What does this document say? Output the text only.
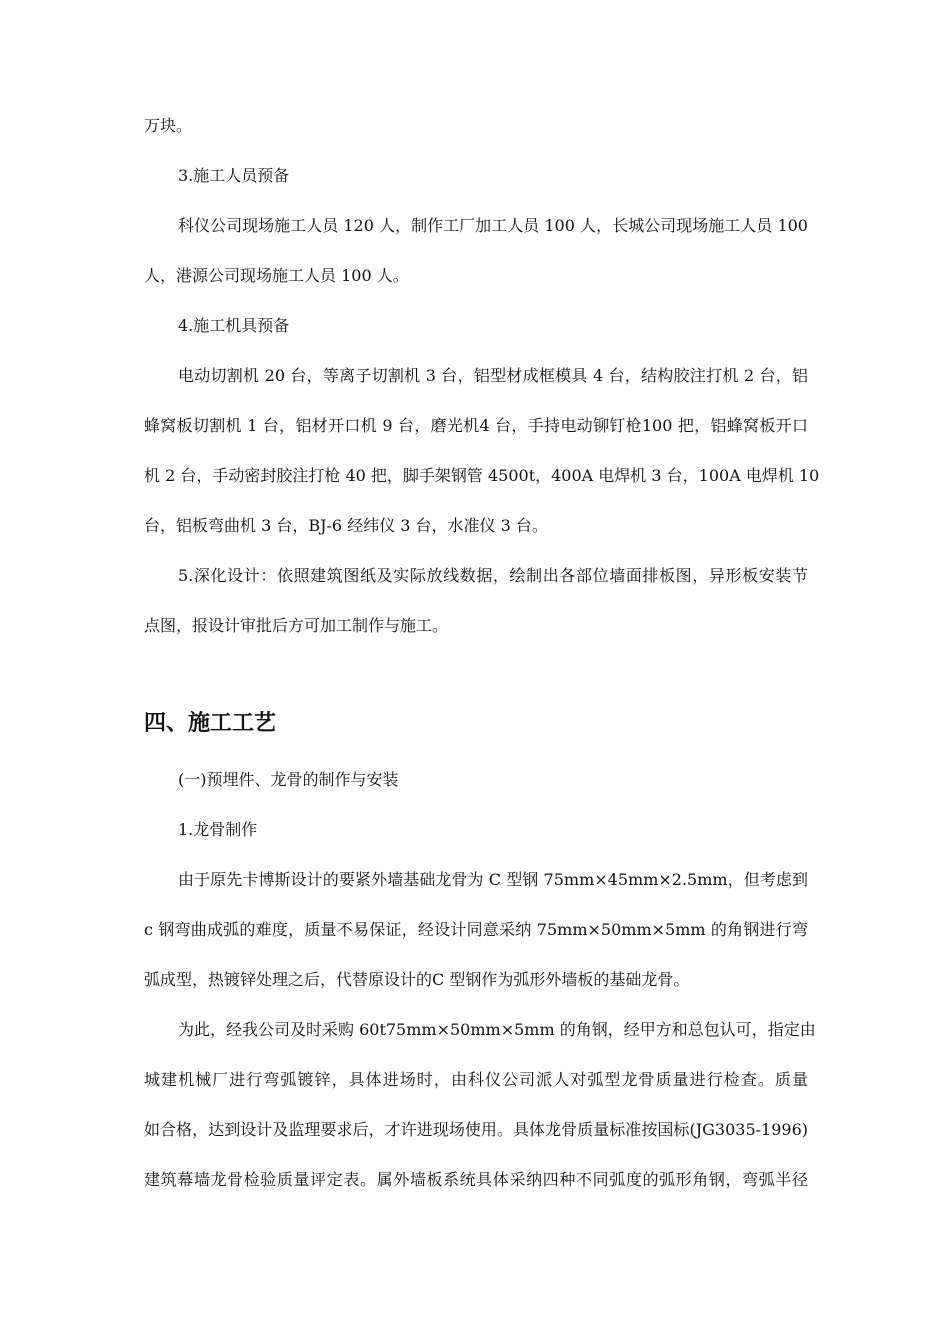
万块。
3.施工人员预备
科仪公司现场施工人员 120 人，制作工厂加工人员 100 人，长城公司现场施工人员 100
人，港源公司现场施工人员 100 人。
4.施工机具预备
电动切割机 20 台，等离子切割机 3 台，铝型材成框模具 4 台，结构胶注打机 2 台，铝
蜂窝板切割机 1 台，铝材开口机 9 台，磨光机4 台，手持电动铆钉枪100 把，铝蜂窝板开口
机 2 台，手动密封胶注打枪 40 把，脚手架钢管 4500t，400A 电焊机 3 台，100A 电焊机 10
台，铝板弯曲机 3 台，BJ-6 经纬仪 3 台，水准仪 3 台。
5.深化设计：依照建筑图纸及实际放线数据，绘制出各部位墙面排板图，异形板安装节
点图，报设计审批后方可加工制作与施工。
四、施工工艺
(一)预埋件、龙骨的制作与安装
1.龙骨制作
由于原先卡博斯设计的要紧外墙基础龙骨为 C 型钢 75mm×45mm×2.5mm，但考虑到
c 钢弯曲成弧的难度，质量不易保证，经设计同意采纳 75mm×50mm×5mm 的角钢进行弯
弧成型，热镀锌处理之后，代替原设计的C 型钢作为弧形外墙板的基础龙骨。
为此，经我公司及时采购 60t75mm×50mm×5mm 的角钢，经甲方和总包认可，指定由
城建机械厂进行弯弧镀锌，具体进场时，由科仪公司派人对弧型龙骨质量进行检查。质量
如合格，达到设计及监理要求后，才许进现场使用。具体龙骨质量标准按国标(JG3035-1996)
建筑幕墙龙骨检验质量评定表。属外墙板系统具体采纳四种不同弧度的弧形角钢，弯弧半径
